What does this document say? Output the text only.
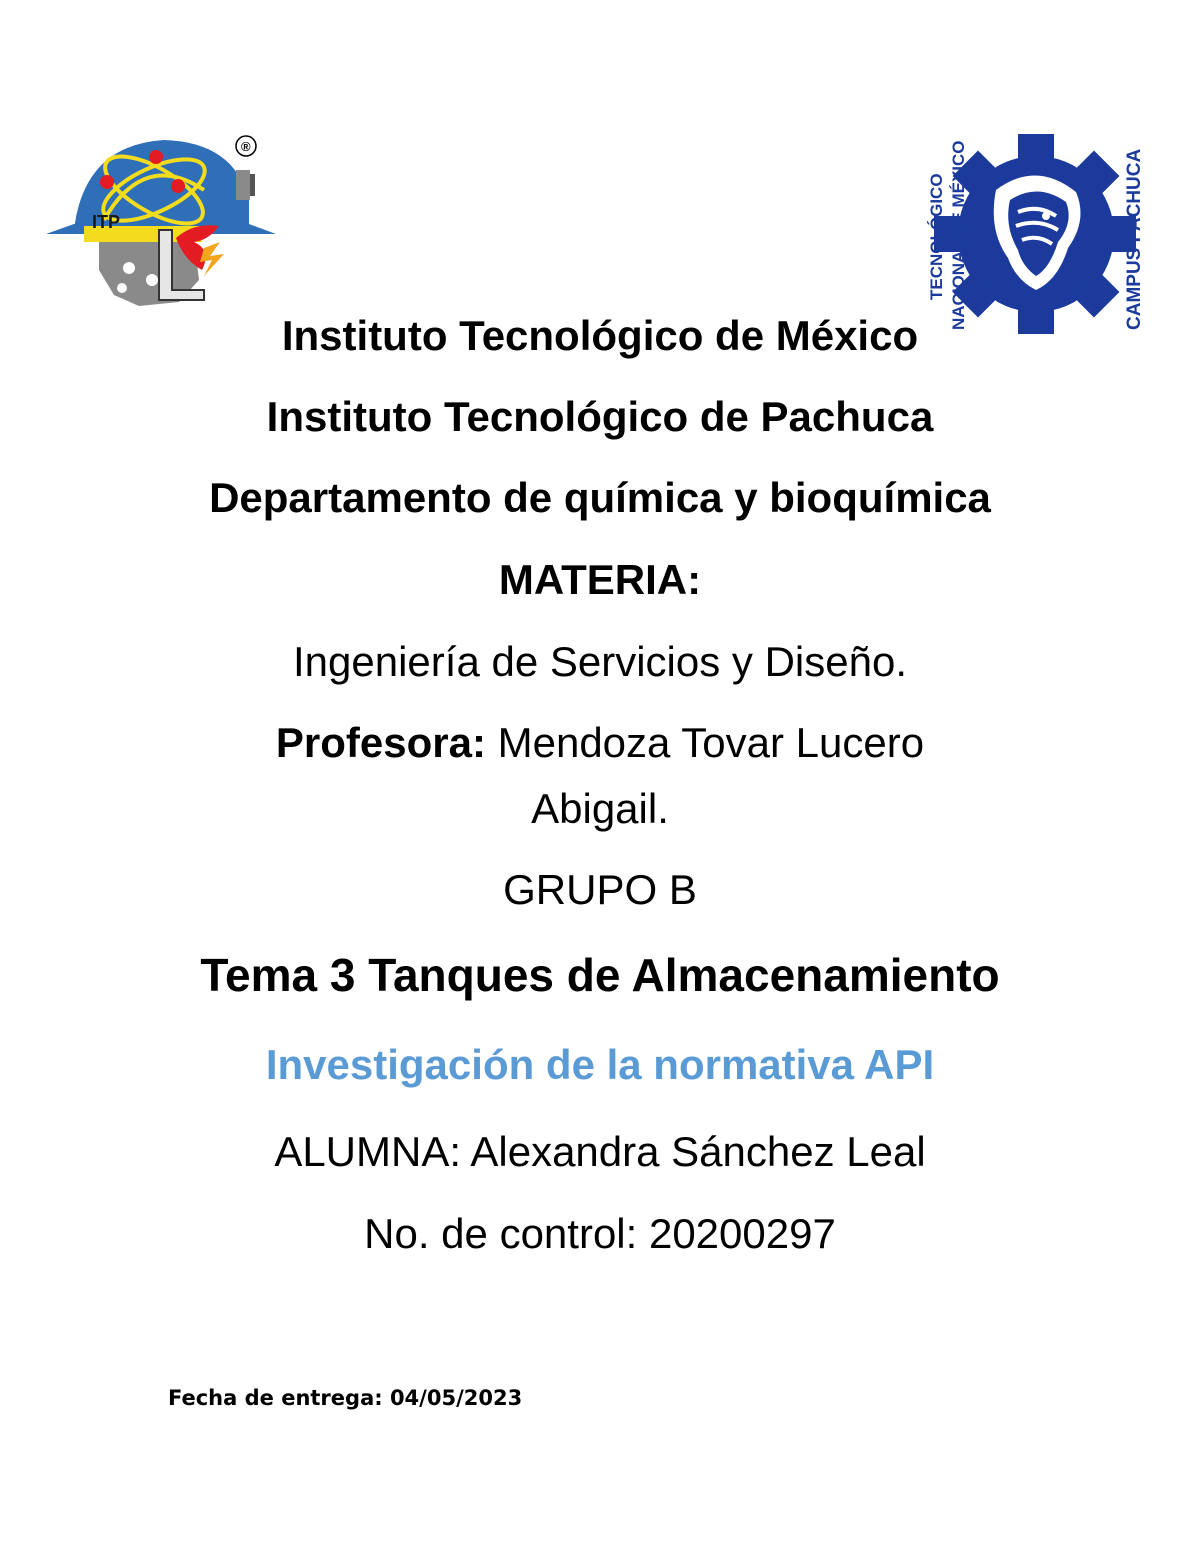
ITP
®
TECNOLÓGICO NACIONAL DE MÉXICO	CAMPUS PACHUCA
Instituto Tecnológico de México
Instituto Tecnológico de Pachuca
Departamento de química y bioquímica
MATERIA:
Ingeniería de Servicios y Diseño.
Profesora: Mendoza Tovar Lucero
Abigail.
GRUPO B
Tema 3 Tanques de Almacenamiento
Investigación de la normativa API
ALUMNA: Alexandra Sánchez Leal
No. de control: 20200297
Fecha de entrega: 04/05/2023
